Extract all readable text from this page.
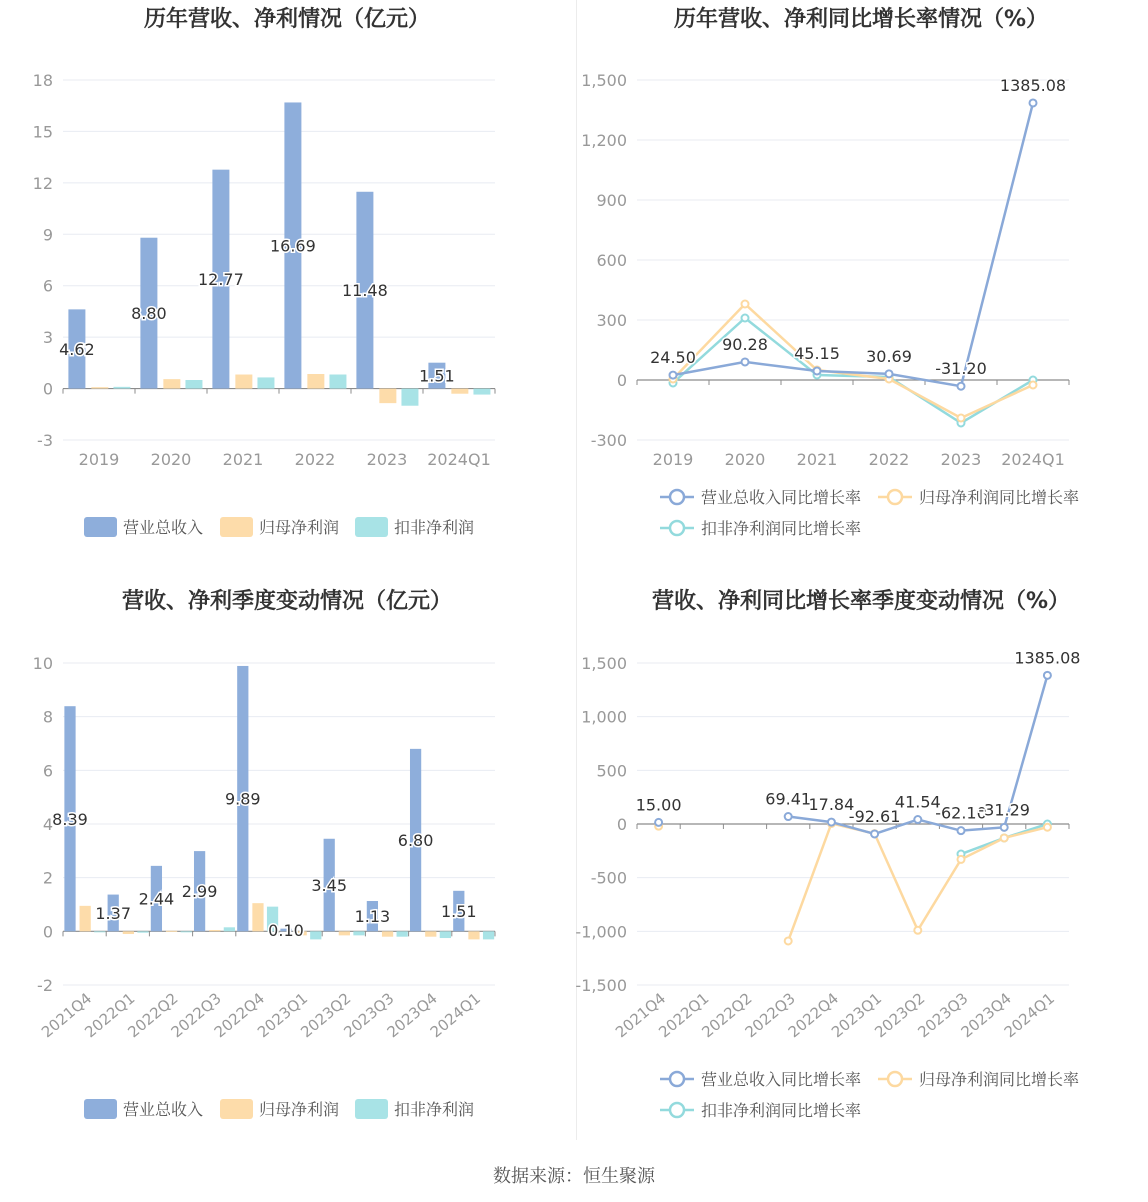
历年营收、净利情况（亿元）
18
15
12
9
6
3
0
-3
2019 2020 2021 2022 2023 2024Q1
4.62
8.80
12.77
16.69
11.48
1.51
营业总收入	归母净利润	扣非净利润
历年营收、净利同比增长率情况（%）
1,500
1,200
900
600
300
0
-300
2019 2020 2021 2022 2023 2024Q1
24.50
90.28 45.15 30.69
-31.20
1385.08
营业总收入同比增长率	归母净利润同比增长率
扣非净利润同比增长率
营收、净利季度变动情况（亿元）
10
8
6
4
2
0
-2
2021Q4
2022Q1
2022Q2
2022Q3
2022Q4
2023Q1
2023Q2
2023Q3
2023Q4
2024Q1
8.39
1.37
2.44 2.99
9.89
0.10
3.45
1.13
6.80
1.51
营业总收入	归母净利润	扣非净利润
营收、净利同比增长率季度变动情况（%）
1,500
1,000
500
0
-500
-1,000
-1,500
2021Q4
2022Q1
2022Q2
2022Q3
2022Q4
2023Q1
2023Q2
2023Q3
2023Q4
2024Q1
15.00	69.41
17.84
-92.61
41.54
-62.10
-31.29
1385.08
营业总收入同比增长率	归母净利润同比增长率
扣非净利润同比增长率
数据来源：恒生聚源
